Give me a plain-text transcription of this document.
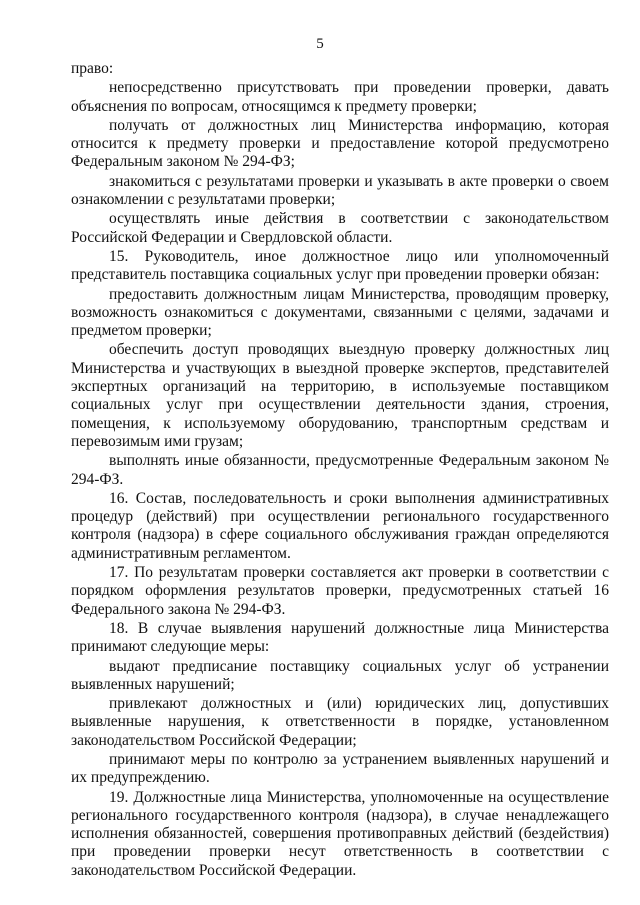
5

право:

непосредственно присутствовать при проведении проверки, давать объяснения по вопросам, относящимся к предмету проверки;

получать от должностных лиц Министерства информацию, которая относится к предмету проверки и предоставление которой предусмотрено Федеральным законом № 294-ФЗ;

знакомиться с результатами проверки и указывать в акте проверки о своем ознакомлении с результатами проверки;

осуществлять иные действия в соответствии с законодательством Российской Федерации и Свердловской области.

15. Руководитель, иное должностное лицо или уполномоченный представитель поставщика социальных услуг при проведении проверки обязан:

предоставить должностным лицам Министерства, проводящим проверку, возможность ознакомиться с документами, связанными с целями, задачами и предметом проверки;

обеспечить доступ проводящих выездную проверку должностных лиц Министерства и участвующих в выездной проверке экспертов, представителей экспертных организаций на территорию, в используемые поставщиком социальных услуг при осуществлении деятельности здания, строения, помещения, к используемому оборудованию, транспортным средствам и перевозимым ими грузам;

выполнять иные обязанности, предусмотренные Федеральным законом № 294-ФЗ.

16. Состав, последовательность и сроки выполнения административных процедур (действий) при осуществлении регионального государственного контроля (надзора) в сфере социального обслуживания граждан определяются административным регламентом.

17. По результатам проверки составляется акт проверки в соответствии с порядком оформления результатов проверки, предусмотренных статьей 16 Федерального закона № 294-ФЗ.

18. В случае выявления нарушений должностные лица Министерства принимают следующие меры:

выдают предписание поставщику социальных услуг об устранении выявленных нарушений;

привлекают должностных и (или) юридических лиц, допустивших выявленные нарушения, к ответственности в порядке, установленном законодательством Российской Федерации;

принимают меры по контролю за устранением выявленных нарушений и их предупреждению.

19. Должностные лица Министерства, уполномоченные на осуществление регионального государственного контроля (надзора), в случае ненадлежащего исполнения обязанностей, совершения противоправных действий (бездействия) при проведении проверки несут ответственность в соответствии с законодательством Российской Федерации.
